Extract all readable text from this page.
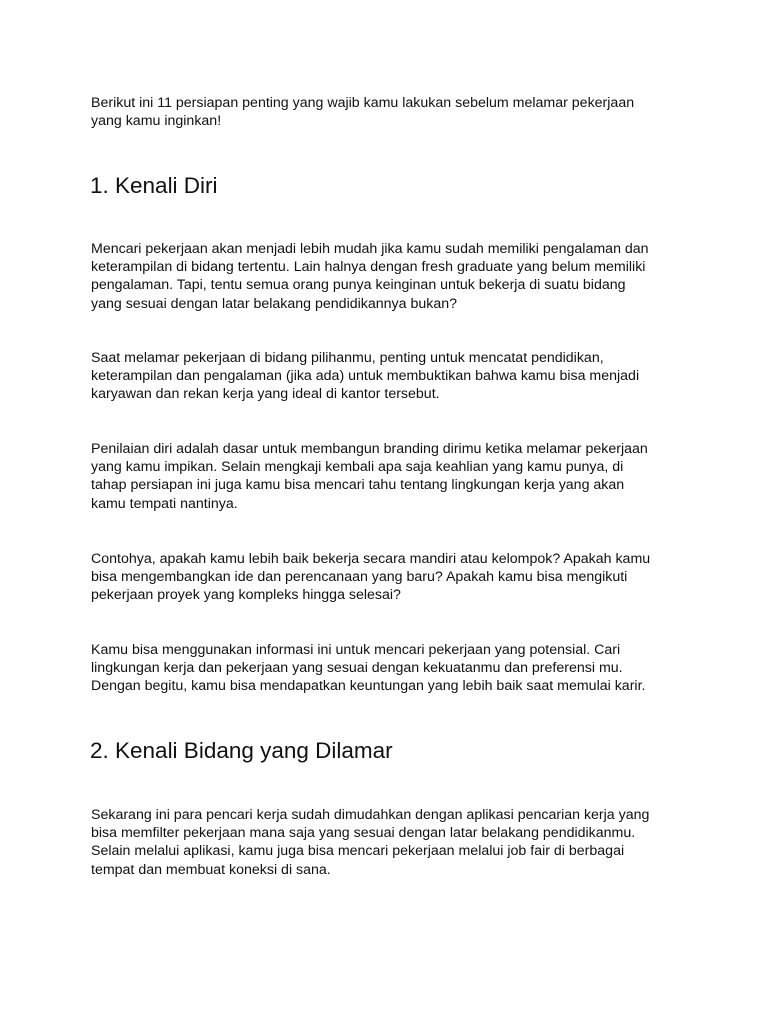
Berikut ini 11 persiapan penting yang wajib kamu lakukan sebelum melamar pekerjaan
yang kamu inginkan!

1. Kenali Diri

Mencari pekerjaan akan menjadi lebih mudah jika kamu sudah memiliki pengalaman dan
keterampilan di bidang tertentu. Lain halnya dengan fresh graduate yang belum memiliki
pengalaman. Tapi, tentu semua orang punya keinginan untuk bekerja di suatu bidang
yang sesuai dengan latar belakang pendidikannya bukan?

Saat melamar pekerjaan di bidang pilihanmu, penting untuk mencatat pendidikan,
keterampilan dan pengalaman (jika ada) untuk membuktikan bahwa kamu bisa menjadi
karyawan dan rekan kerja yang ideal di kantor tersebut.

Penilaian diri adalah dasar untuk membangun branding dirimu ketika melamar pekerjaan
yang kamu impikan. Selain mengkaji kembali apa saja keahlian yang kamu punya, di
tahap persiapan ini juga kamu bisa mencari tahu tentang lingkungan kerja yang akan
kamu tempati nantinya.

Contohya, apakah kamu lebih baik bekerja secara mandiri atau kelompok? Apakah kamu
bisa mengembangkan ide dan perencanaan yang baru? Apakah kamu bisa mengikuti
pekerjaan proyek yang kompleks hingga selesai?

Kamu bisa menggunakan informasi ini untuk mencari pekerjaan yang potensial. Cari
lingkungan kerja dan pekerjaan yang sesuai dengan kekuatanmu dan preferensi mu.
Dengan begitu, kamu bisa mendapatkan keuntungan yang lebih baik saat memulai karir.

2. Kenali Bidang yang Dilamar

Sekarang ini para pencari kerja sudah dimudahkan dengan aplikasi pencarian kerja yang
bisa memfilter pekerjaan mana saja yang sesuai dengan latar belakang pendidikanmu.
Selain melalui aplikasi, kamu juga bisa mencari pekerjaan melalui job fair di berbagai
tempat dan membuat koneksi di sana.
